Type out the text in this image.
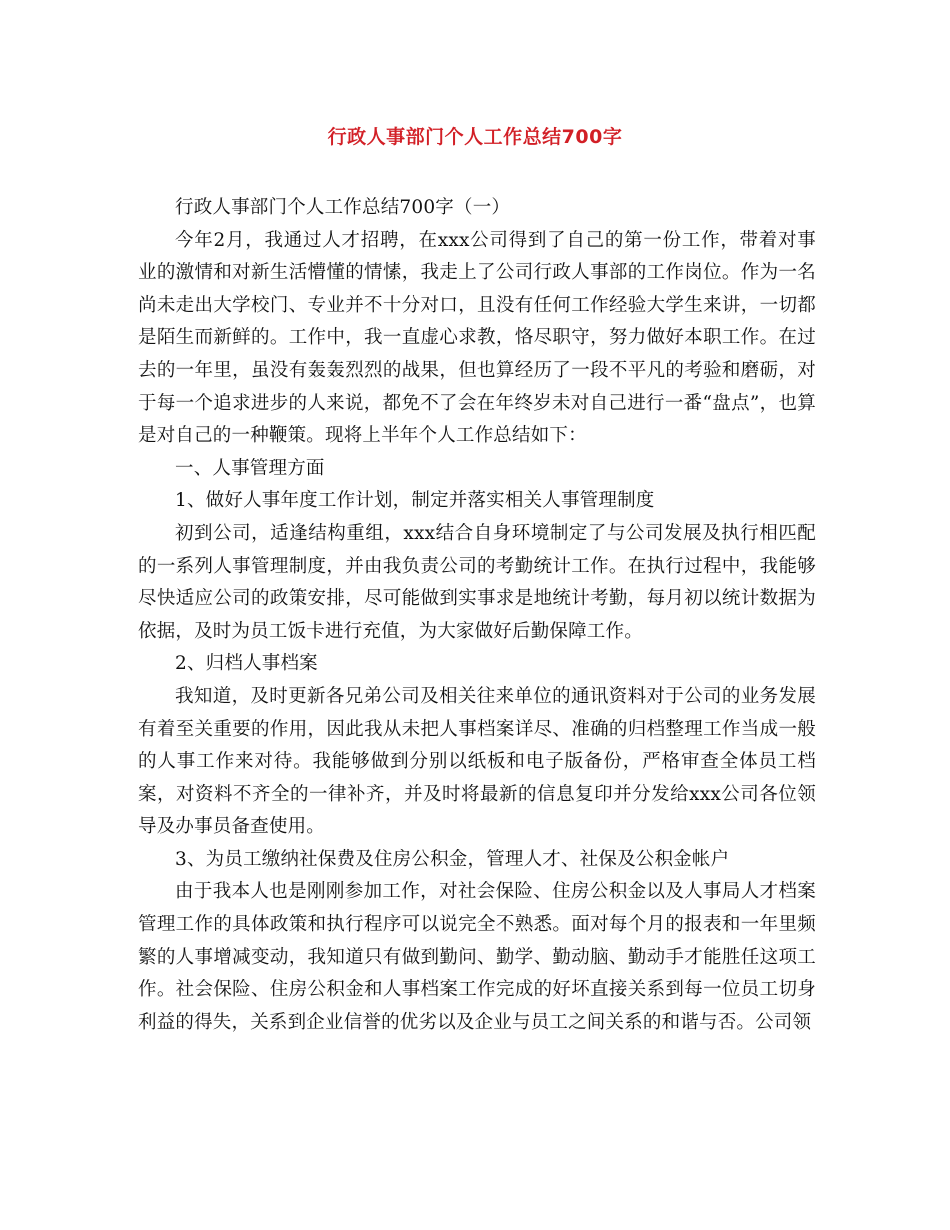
行政人事部门个人工作总结700字

行政人事部门个人工作总结700字（一）

今年2月，我通过人才招聘，在xxx公司得到了自己的第一份工作，带着对事业的激情和对新生活懵懂的情愫，我走上了公司行政人事部的工作岗位。作为一名尚未走出大学校门、专业并不十分对口，且没有任何工作经验大学生来讲，一切都是陌生而新鲜的。工作中，我一直虚心求教，恪尽职守，努力做好本职工作。在过去的一年里，虽没有轰轰烈烈的战果，但也算经历了一段不平凡的考验和磨砺，对于每一个追求进步的人来说，都免不了会在年终岁未对自己进行一番“盘点”，也算是对自己的一种鞭策。现将上半年个人工作总结如下：

一、人事管理方面

1、做好人事年度工作计划，制定并落实相关人事管理制度

初到公司，适逢结构重组，xxx结合自身环境制定了与公司发展及执行相匹配的一系列人事管理制度，并由我负责公司的考勤统计工作。在执行过程中，我能够尽快适应公司的政策安排，尽可能做到实事求是地统计考勤，每月初以统计数据为依据，及时为员工饭卡进行充值，为大家做好后勤保障工作。

2、归档人事档案

我知道，及时更新各兄弟公司及相关往来单位的通讯资料对于公司的业务发展有着至关重要的作用，因此我从未把人事档案详尽、准确的归档整理工作当成一般的人事工作来对待。我能够做到分别以纸板和电子版备份，严格审查全体员工档案，对资料不齐全的一律补齐，并及时将最新的信息复印并分发给xxx公司各位领导及办事员备查使用。

3、为员工缴纳社保费及住房公积金，管理人才、社保及公积金帐户

由于我本人也是刚刚参加工作，对社会保险、住房公积金以及人事局人才档案管理工作的具体政策和执行程序可以说完全不熟悉。面对每个月的报表和一年里频繁的人事增减变动，我知道只有做到勤问、勤学、勤动脑、勤动手才能胜任这项工作。社会保险、住房公积金和人事档案工作完成的好坏直接关系到每一位员工切身利益的得失，关系到企业信誉的优劣以及企业与员工之间关系的和谐与否。公司领
